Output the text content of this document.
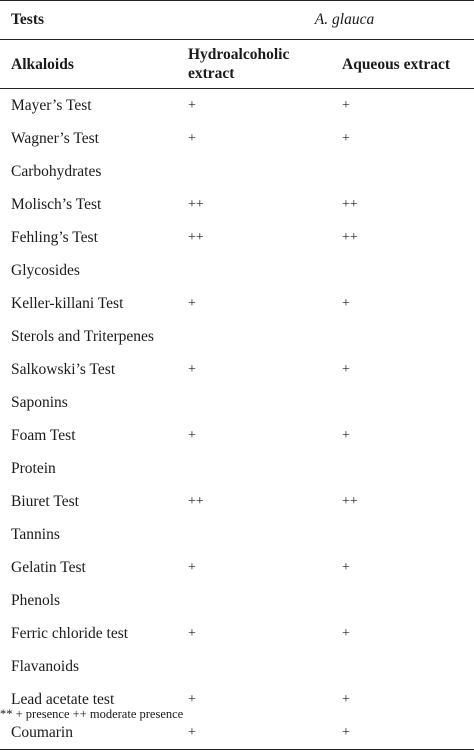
Tests	A. glauca	
Alkaloids	Hydroalcoholic extract	Aqueous extract
Mayer’s Test	+	+
Wagner’s Test	+	+
Carbohydrates		
Molisch’s Test	++	++
Fehling’s Test	++	++
Glycosides		
Keller-killani Test	+	+
Sterols and Triterpenes		
Salkowski’s Test	+	+
Saponins		
Foam Test	+	+
Protein		
Biuret Test	++	++
Tannins		
Gelatin Test	+	+
Phenols		
Ferric chloride test	+	+
Flavanoids		
Lead acetate test	+	+
Coumarin	+	+
** + presence ++ moderate presence
